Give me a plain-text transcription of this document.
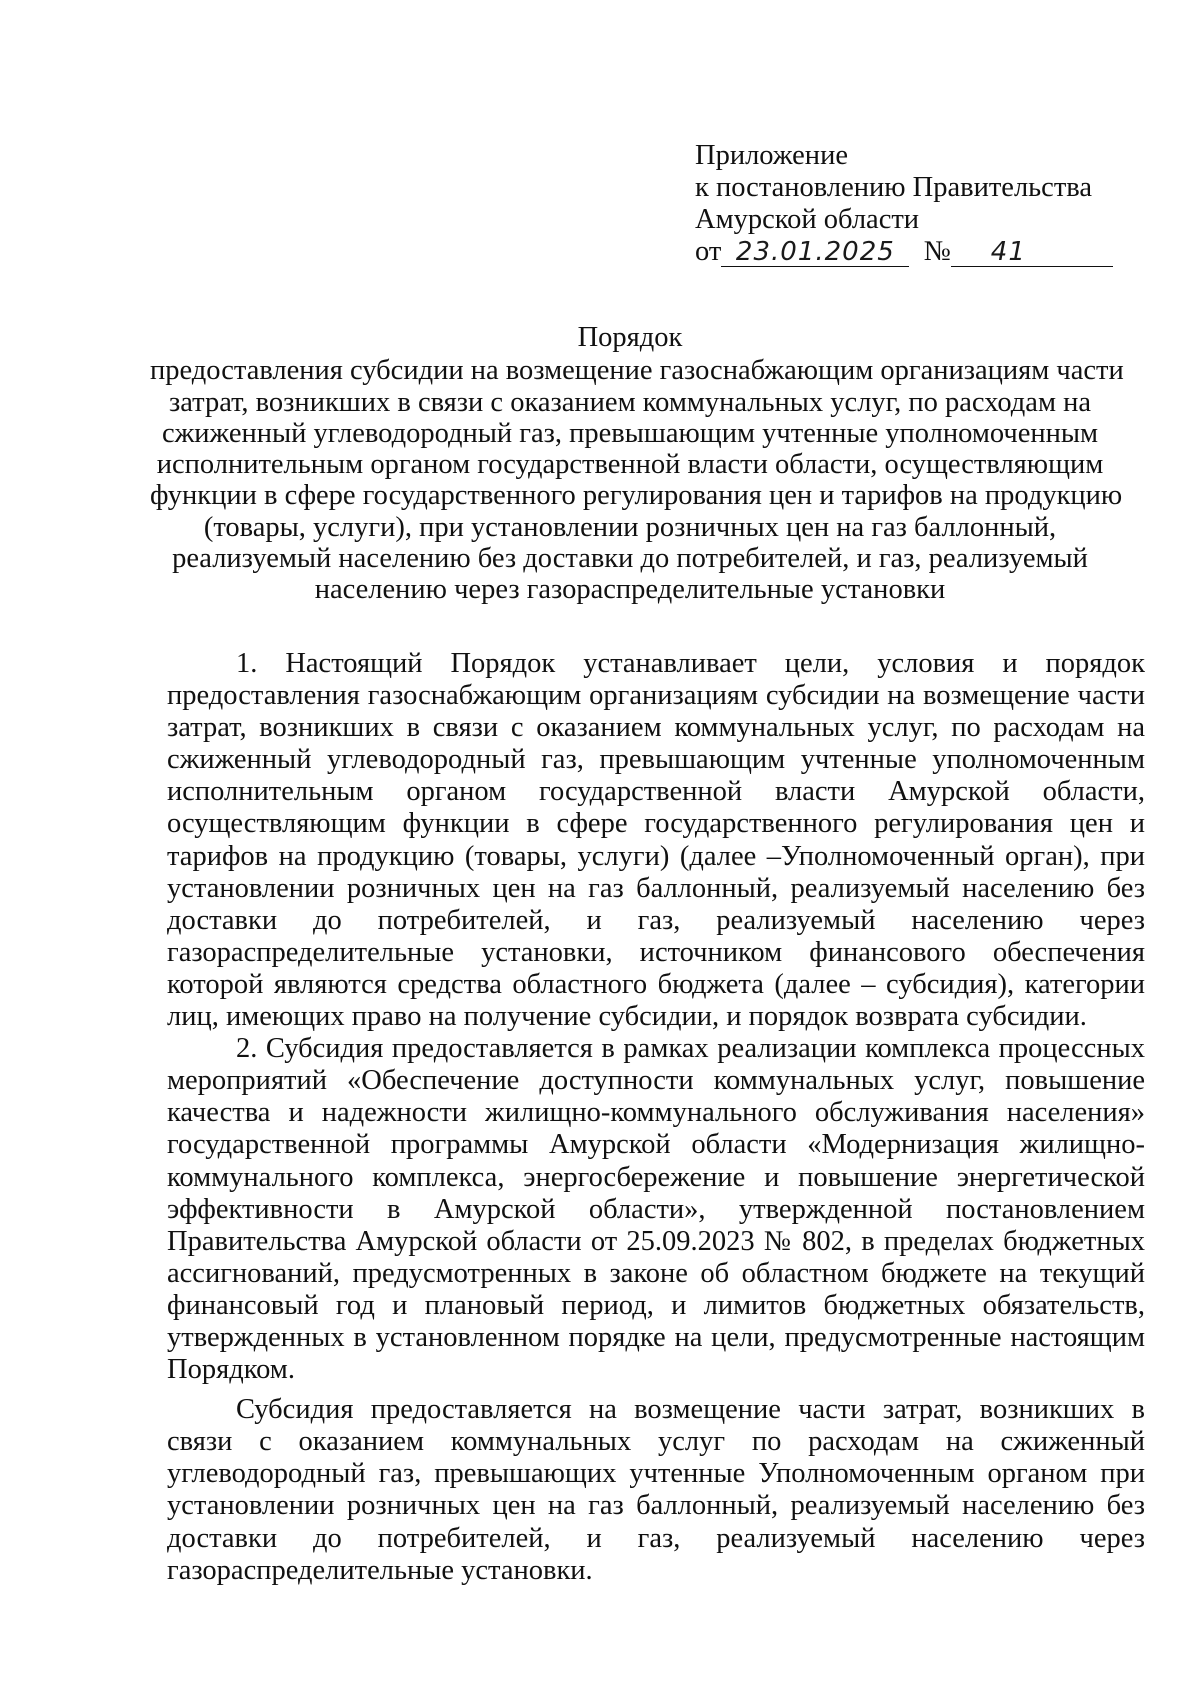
Приложение
к постановлению Правительства
Амурской области
от 23.01.2025 № 41
Порядок
предоставления субсидии на возмещение газоснабжающим организациям части
затрат, возникших в связи с оказанием коммунальных услуг, по расходам на
сжиженный углеводородный газ, превышающим учтенные уполномоченным
исполнительным органом государственной власти области, осуществляющим
функции в сфере государственного регулирования цен и тарифов на продукцию
(товары, услуги), при установлении розничных цен на газ баллонный,
реализуемый населению без доставки до потребителей, и газ, реализуемый
населению через газораспределительные установки

1. Настоящий Порядок устанавливает цели, условия и порядок предоставления газоснабжающим организациям субсидии на возмещение части затрат, возникших в связи с оказанием коммунальных услуг, по расходам на сжиженный углеводородный газ, превышающим учтенные уполномоченным исполнительным органом государственной власти Амурской области, осуществляющим функции в сфере государственного регулирования цен и тарифов на продукцию (товары, услуги) (далее –Уполномоченный орган), при установлении розничных цен на газ баллонный, реализуемый населению без доставки до потребителей, и газ, реализуемый населению через газораспределительные установки, источником финансового обеспечения которой являются средства областного бюджета (далее – субсидия), категории лиц, имеющих право на получение субсидии, и порядок возврата субсидии.

2. Субсидия предоставляется в рамках реализации комплекса процессных мероприятий «Обеспечение доступности коммунальных услуг, повышение качества и надежности жилищно-коммунального обслуживания населения» государственной программы Амурской области «Модернизация жилищно-коммунального комплекса, энергосбережение и повышение энергетической эффективности в Амурской области», утвержденной постановлением Правительства Амурской области от 25.09.2023 № 802, в пределах бюджетных ассигнований, предусмотренных в законе об областном бюджете на текущий финансовый год и плановый период, и лимитов бюджетных обязательств, утвержденных в установленном порядке на цели, предусмотренные настоящим Порядком.

Субсидия предоставляется на возмещение части затрат, возникших в связи с оказанием коммунальных услуг по расходам на сжиженный углеводородный газ, превышающих учтенные Уполномоченным органом при установлении розничных цен на газ баллонный, реализуемый населению без доставки до потребителей, и газ, реализуемый населению через газораспределительные установки.
